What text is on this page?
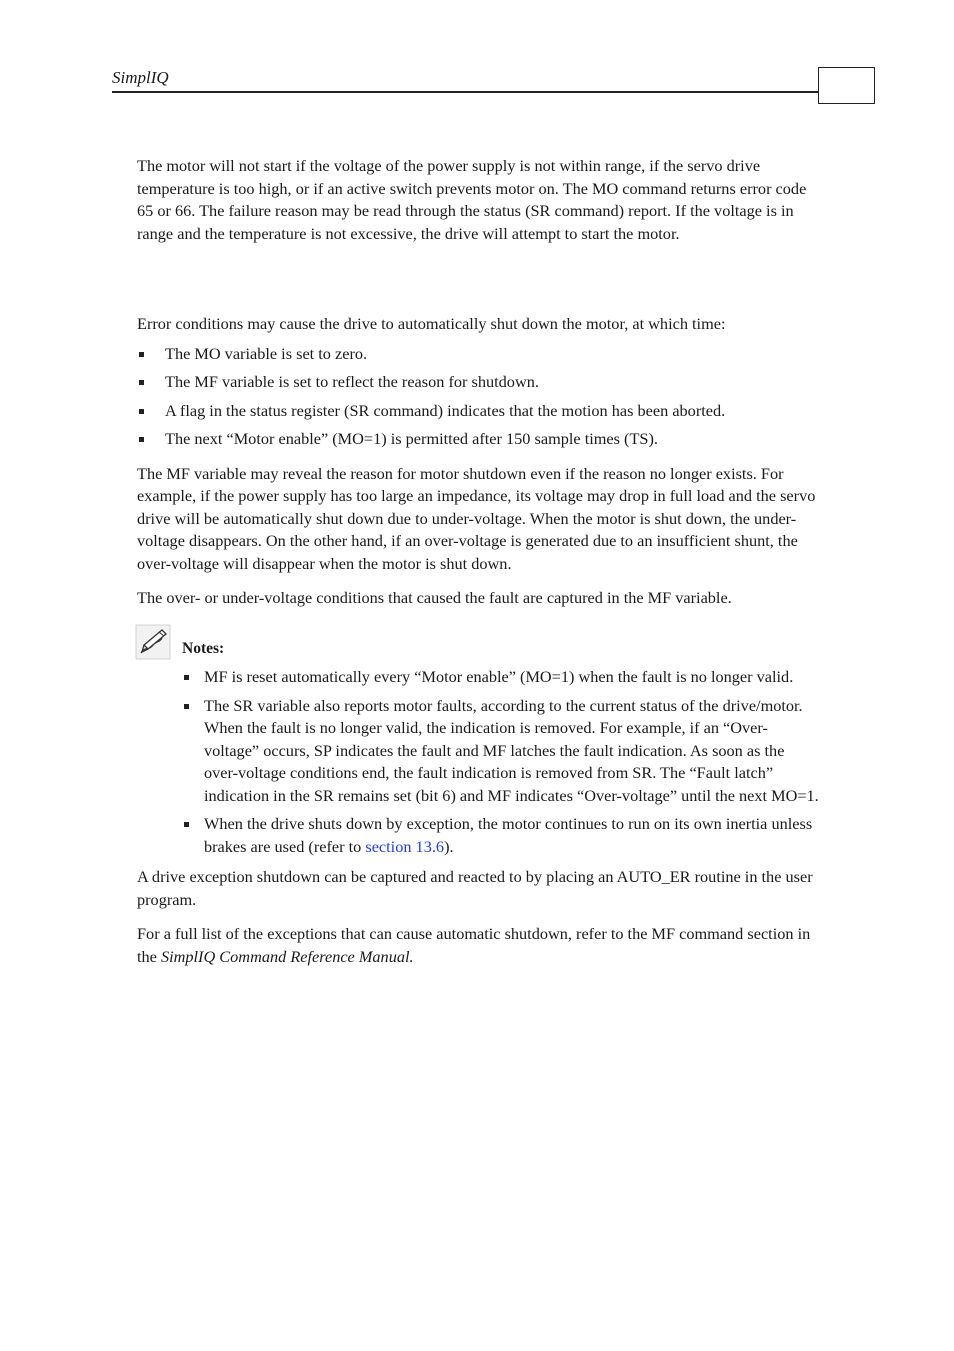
SimplIQ

The motor will not start if the voltage of the power supply is not within range, if the servo drive temperature is too high, or if an active switch prevents motor on. The MO command returns error code 65 or 66. The failure reason may be read through the status (SR command) report. If the voltage is in range and the temperature is not excessive, the drive will attempt to start the motor.

Error conditions may cause the drive to automatically shut down the motor, at which time:

The MO variable is set to zero.
The MF variable is set to reflect the reason for shutdown.
A flag in the status register (SR command) indicates that the motion has been aborted.
The next “Motor enable” (MO=1) is permitted after 150 sample times (TS).

The MF variable may reveal the reason for motor shutdown even if the reason no longer exists. For example, if the power supply has too large an impedance, its voltage may drop in full load and the servo drive will be automatically shut down due to under-voltage. When the motor is shut down, the under-voltage disappears. On the other hand, if an over-voltage is generated due to an insufficient shunt, the over-voltage will disappear when the motor is shut down.

The over- or under-voltage conditions that caused the fault are captured in the MF variable.

Notes:
MF is reset automatically every “Motor enable” (MO=1) when the fault is no longer valid.
The SR variable also reports motor faults, according to the current status of the drive/motor. When the fault is no longer valid, the indication is removed. For example, if an “Over-voltage” occurs, SP indicates the fault and MF latches the fault indication. As soon as the over-voltage conditions end, the fault indication is removed from SR. The “Fault latch” indication in the SR remains set (bit 6) and MF indicates “Over-voltage” until the next MO=1.
When the drive shuts down by exception, the motor continues to run on its own inertia unless brakes are used (refer to section 13.6).

A drive exception shutdown can be captured and reacted to by placing an AUTO_ER routine in the user program.

For a full list of the exceptions that can cause automatic shutdown, refer to the MF command section in the SimplIQ Command Reference Manual.
